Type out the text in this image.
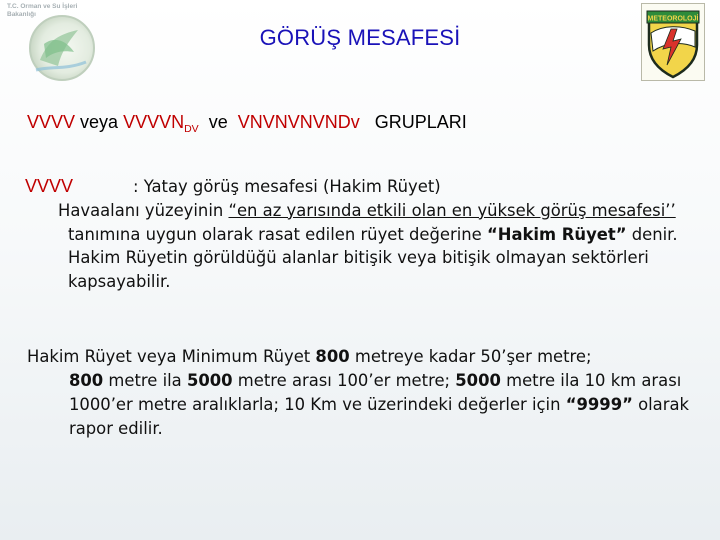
T.C. Orman ve Su İşleri Bakanlığı
METEOROLOJİ
GÖRÜŞ MESAFESİ
VVVV veya $VVVVN_{DV}$  ve  VNVNVNVNDv   GRUPLARI
VVVV	: Yatay görüş mesafesi (Hakim Rüyet)
Havaalanı yüzeyinin “en az yarısında etkili olan en yüksek görüş mesafesi’’ tanımına uygun olarak rasat edilen rüyet değerine “Hakim Rüyet” denir. Hakim Rüyetin görüldüğü alanlar bitişik veya bitişik olmayan sektörleri kapsayabilir.
Hakim Rüyet veya Minimum Rüyet 800 metreye kadar 50’şer metre;
800 metre ila 5000 metre arası 100’er metre; 5000 metre ila 10 km arası 1000’er metre aralıklarla; 10 Km ve üzerindeki değerler için “9999” olarak rapor edilir.
